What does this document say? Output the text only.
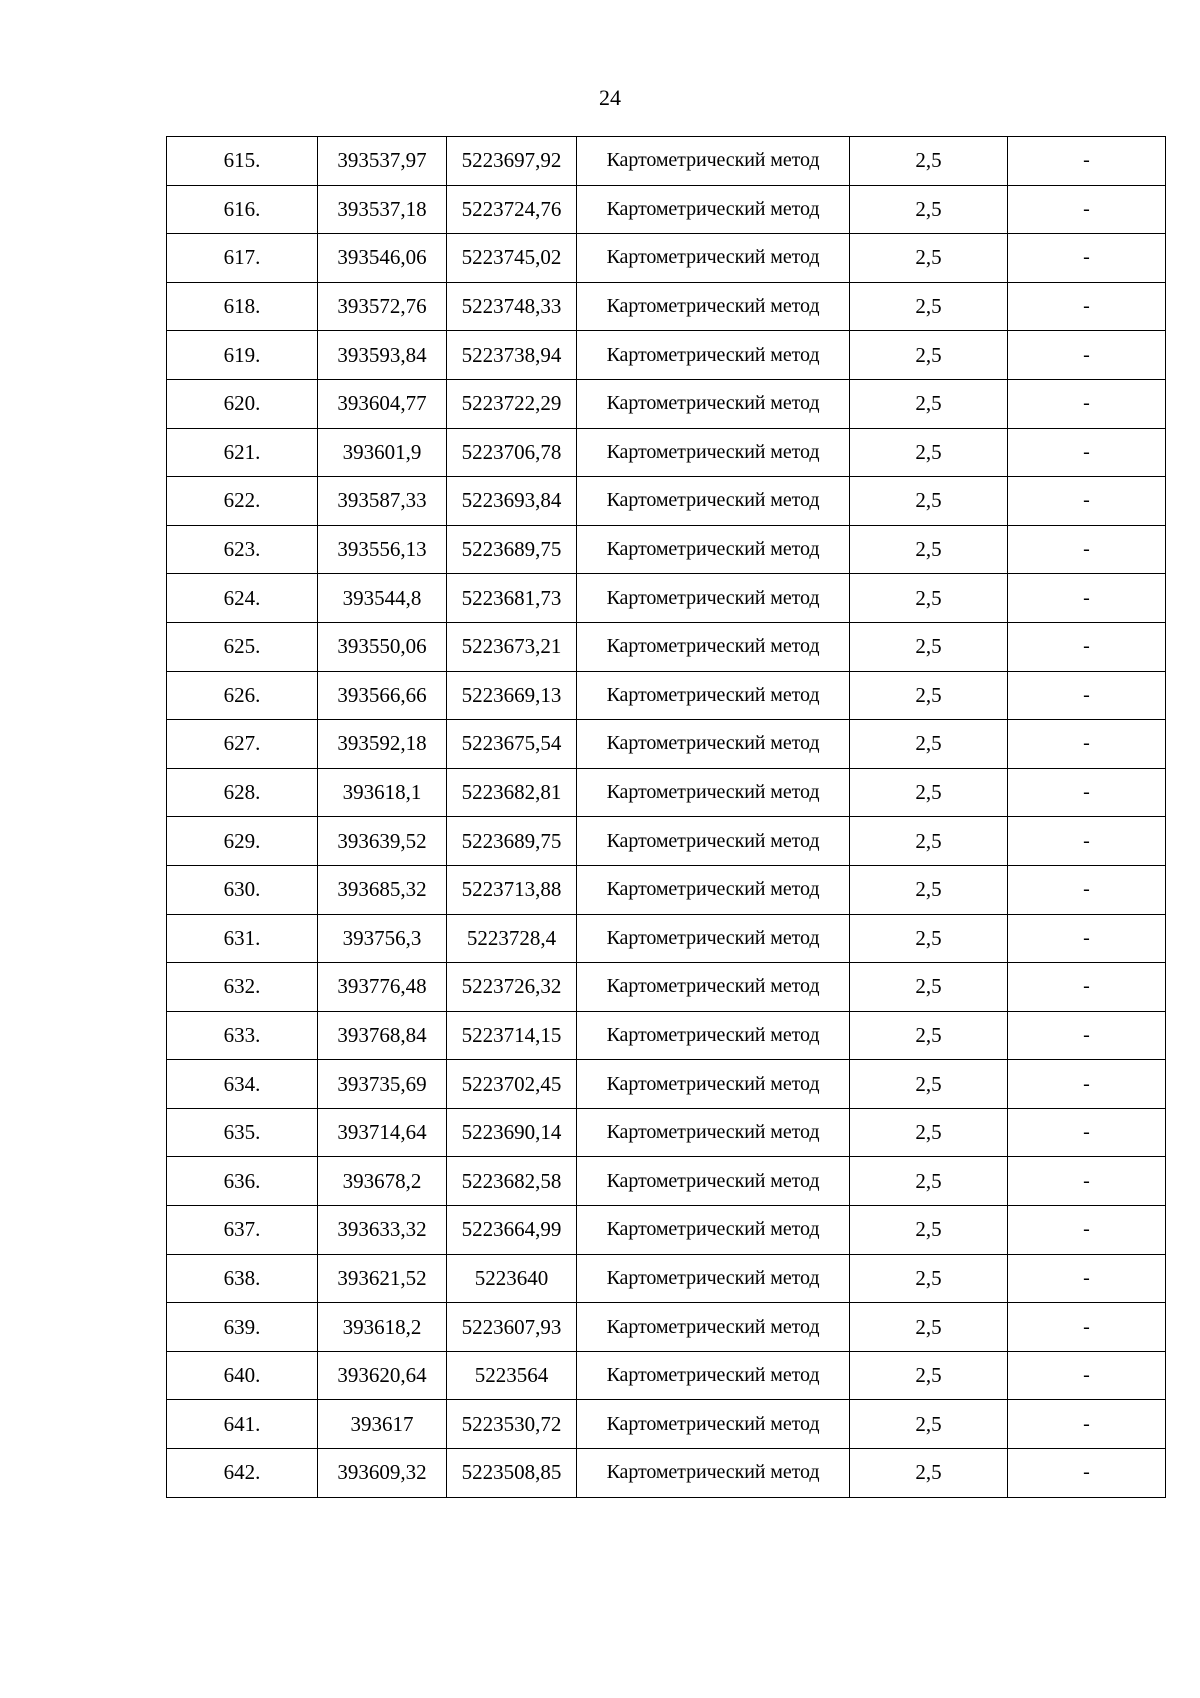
24
615.	393537,97	5223697,92	Картометрический метод	2,5	-
616.	393537,18	5223724,76	Картометрический метод	2,5	-
617.	393546,06	5223745,02	Картометрический метод	2,5	-
618.	393572,76	5223748,33	Картометрический метод	2,5	-
619.	393593,84	5223738,94	Картометрический метод	2,5	-
620.	393604,77	5223722,29	Картометрический метод	2,5	-
621.	393601,9	5223706,78	Картометрический метод	2,5	-
622.	393587,33	5223693,84	Картометрический метод	2,5	-
623.	393556,13	5223689,75	Картометрический метод	2,5	-
624.	393544,8	5223681,73	Картометрический метод	2,5	-
625.	393550,06	5223673,21	Картометрический метод	2,5	-
626.	393566,66	5223669,13	Картометрический метод	2,5	-
627.	393592,18	5223675,54	Картометрический метод	2,5	-
628.	393618,1	5223682,81	Картометрический метод	2,5	-
629.	393639,52	5223689,75	Картометрический метод	2,5	-
630.	393685,32	5223713,88	Картометрический метод	2,5	-
631.	393756,3	5223728,4	Картометрический метод	2,5	-
632.	393776,48	5223726,32	Картометрический метод	2,5	-
633.	393768,84	5223714,15	Картометрический метод	2,5	-
634.	393735,69	5223702,45	Картометрический метод	2,5	-
635.	393714,64	5223690,14	Картометрический метод	2,5	-
636.	393678,2	5223682,58	Картометрический метод	2,5	-
637.	393633,32	5223664,99	Картометрический метод	2,5	-
638.	393621,52	5223640	Картометрический метод	2,5	-
639.	393618,2	5223607,93	Картометрический метод	2,5	-
640.	393620,64	5223564	Картометрический метод	2,5	-
641.	393617	5223530,72	Картометрический метод	2,5	-
642.	393609,32	5223508,85	Картометрический метод	2,5	-
